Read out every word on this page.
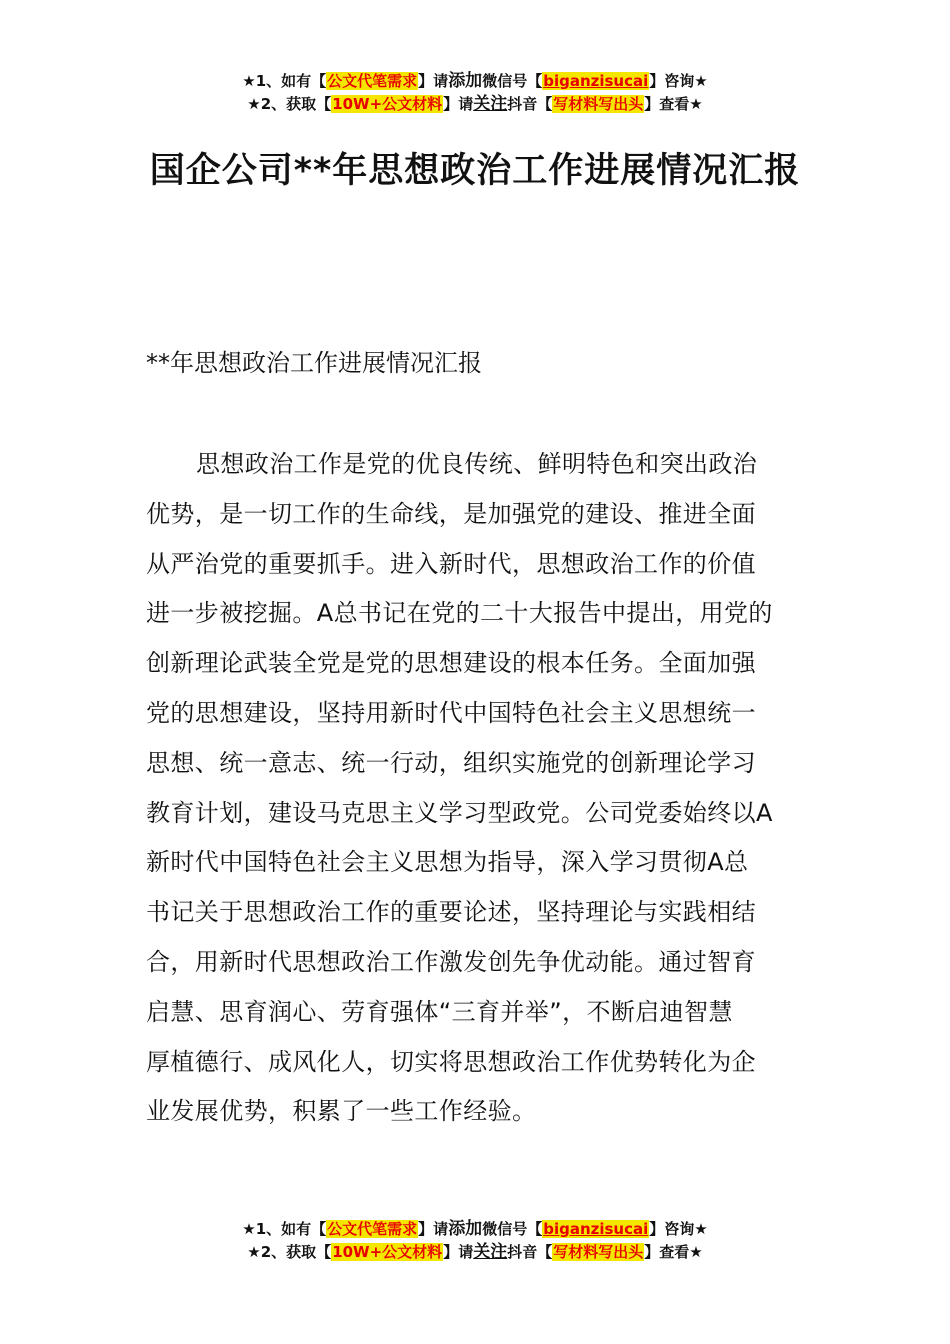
★1、如有【公文代笔需求】请添加微信号【biganzisucai】咨询★
★2、获取【10W+公文材料】请关注抖音【写材料写出头】查看★
国企公司**年思想政治工作进展情况汇报
**年思想政治工作进展情况汇报
思想政治工作是党的优良传统、鲜明特色和突出政治
优势，是一切工作的生命线，是加强党的建设、推进全面
从严治党的重要抓手。进入新时代，思想政治工作的价值
进一步被挖掘。A总书记在党的二十大报告中提出，用党的
创新理论武装全党是党的思想建设的根本任务。全面加强
党的思想建设，坚持用新时代中国特色社会主义思想统一
思想、统一意志、统一行动，组织实施党的创新理论学习
教育计划，建设马克思主义学习型政党。公司党委始终以A
新时代中国特色社会主义思想为指导，深入学习贯彻A总
书记关于思想政治工作的重要论述，坚持理论与实践相结
合，用新时代思想政治工作激发创先争优动能。通过智育
启慧、思育润心、劳育强体“三育并举”，不断启迪智慧
厚植德行、成风化人，切实将思想政治工作优势转化为企
业发展优势，积累了一些工作经验。
★1、如有【公文代笔需求】请添加微信号【biganzisucai】咨询★
★2、获取【10W+公文材料】请关注抖音【写材料写出头】查看★
